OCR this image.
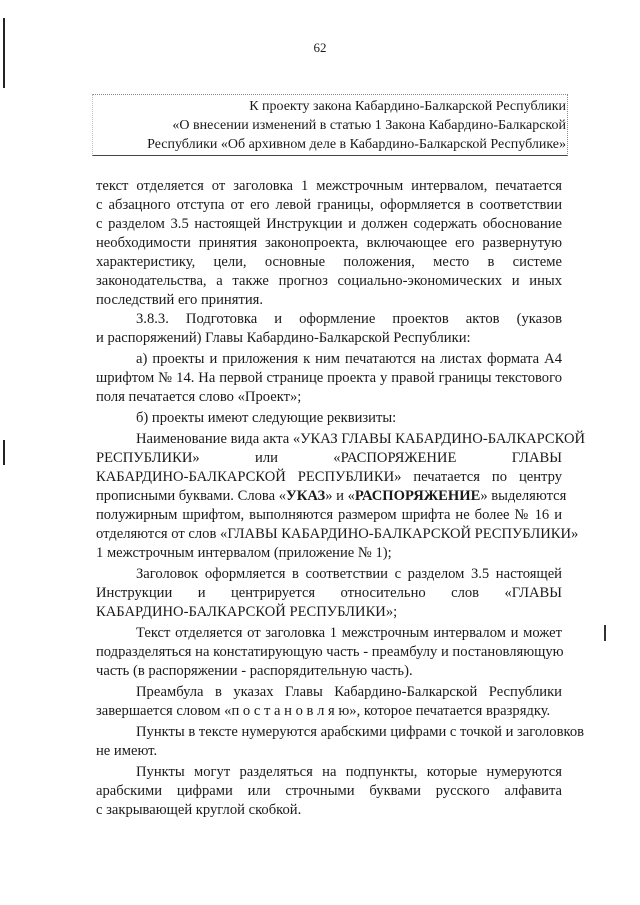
62
К проекту закона Кабардино-Балкарской Республики
«О внесении изменений в статью 1 Закона Кабардино-Балкарской
Республики «Об архивном деле в Кабардино-Балкарской Республике»
текст отделяется от заголовка 1 межстрочным интервалом, печатается
с абзацного отступа от его левой границы, оформляется в соответствии
с разделом 3.5 настоящей Инструкции и должен содержать обоснование
необходимости принятия законопроекта, включающее его развернутую
характеристику, цели, основные положения, место в системе
законодательства, а также прогноз социально-экономических и иных
последствий его принятия.
3.8.3. Подготовка и оформление проектов актов (указов
и распоряжений) Главы Кабардино-Балкарской Республики:
а) проекты и приложения к ним печатаются на листах формата А4
шрифтом № 14. На первой странице проекта у правой границы текстового
поля печатается слово «Проект»;
б) проекты имеют следующие реквизиты:
Наименование вида акта «УКАЗ ГЛАВЫ КАБАРДИНО-БАЛКАРСКОЙ
РЕСПУБЛИКИ» или «РАСПОРЯЖЕНИЕ ГЛАВЫ
КАБАРДИНО-БАЛКАРСКОЙ РЕСПУБЛИКИ» печатается по центру
прописными буквами. Слова «УКАЗ» и «РАСПОРЯЖЕНИЕ» выделяются
полужирным шрифтом, выполняются размером шрифта не более № 16 и
отделяются от слов «ГЛАВЫ КАБАРДИНО-БАЛКАРСКОЙ РЕСПУБЛИКИ»
1 межстрочным интервалом (приложение № 1);
Заголовок оформляется в соответствии с разделом 3.5 настоящей
Инструкции и центрируется относительно слов «ГЛАВЫ
КАБАРДИНО-БАЛКАРСКОЙ РЕСПУБЛИКИ»;
Текст отделяется от заголовка 1 межстрочным интервалом и может
подразделяться на констатирующую часть - преамбулу и постановляющую
часть (в распоряжении - распорядительную часть).
Преамбула в указах Главы Кабардино-Балкарской Республики
завершается словом «п о с т а н о в л я ю», которое печатается вразрядку.
Пункты в тексте нумеруются арабскими цифрами с точкой и заголовков
не имеют.
Пункты могут разделяться на подпункты, которые нумеруются
арабскими цифрами или строчными буквами русского алфавита
с закрывающей круглой скобкой.
